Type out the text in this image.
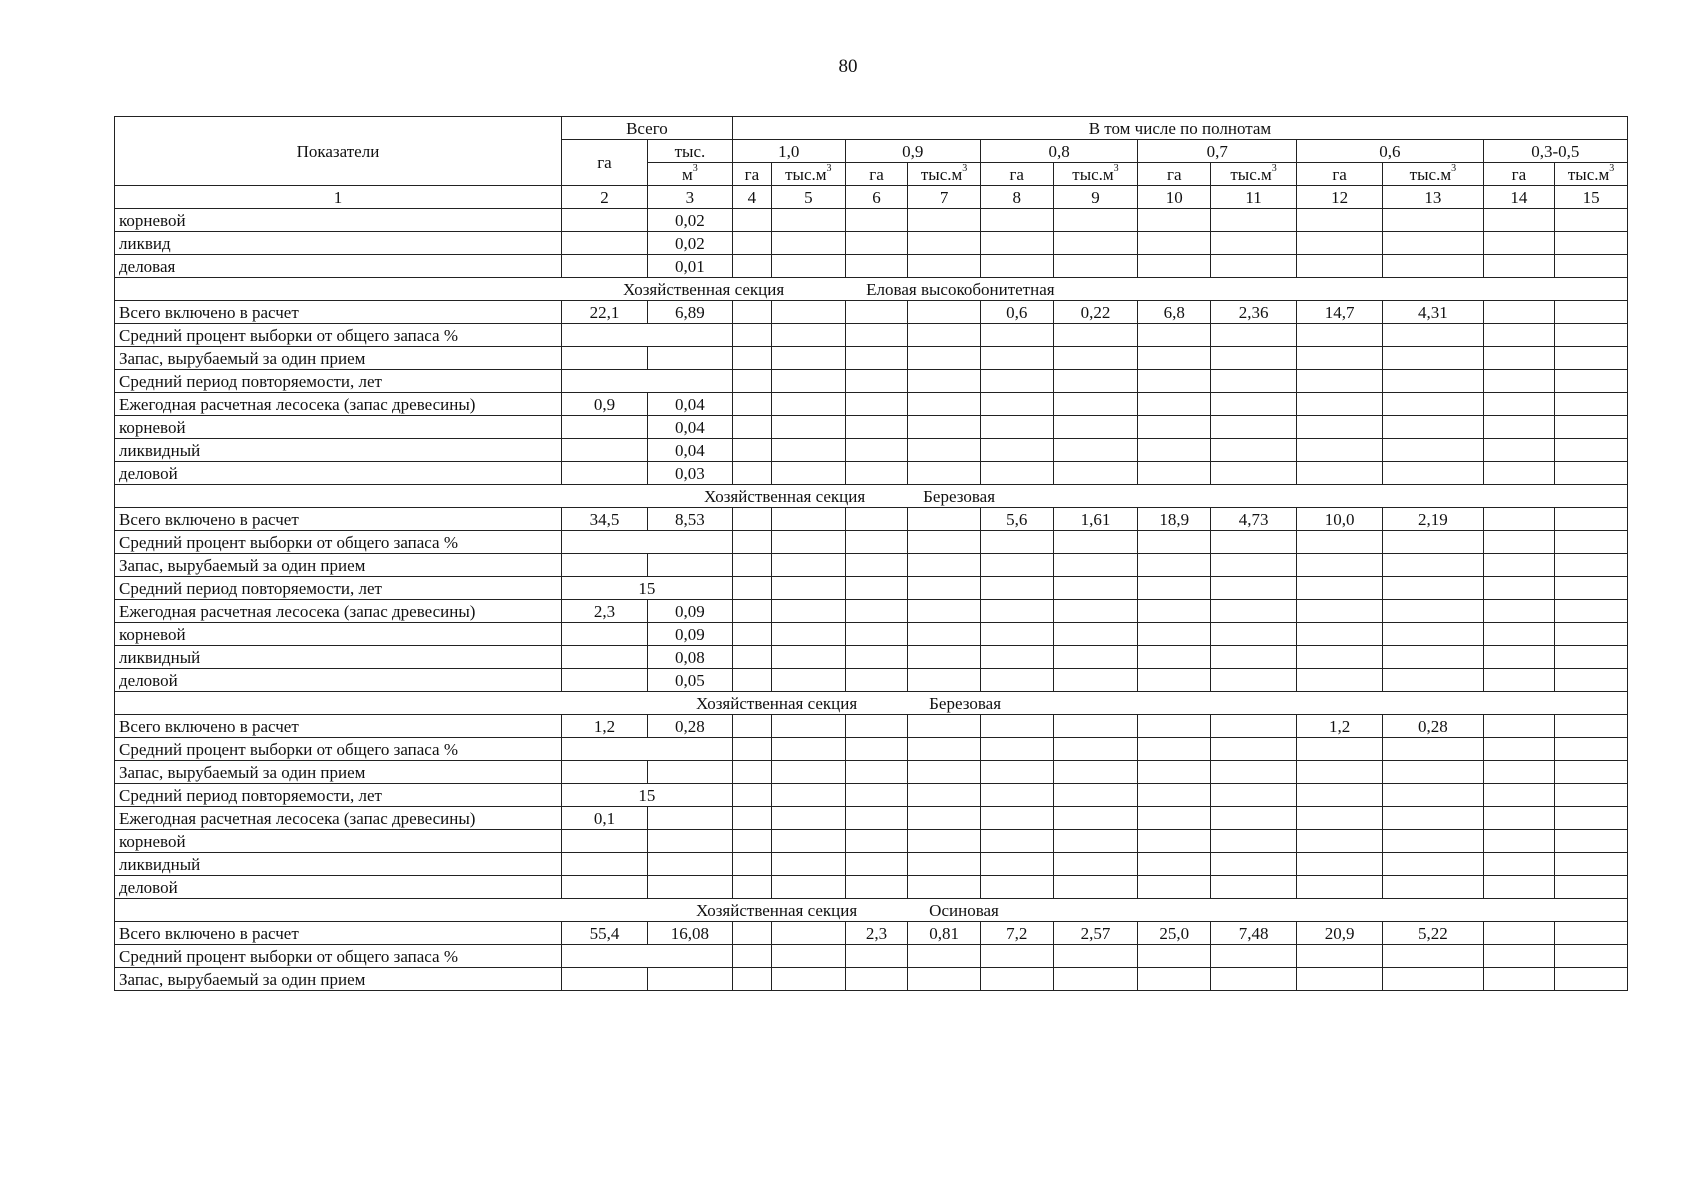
80
Показатели	Всего		В том числе по полнотам											
	га	тыс.	1,0		0,9		0,8		0,7		0,6		0,3-0,5	
		$м^3$	га	$тыс.м^3$	га	$тыс.м^3$	га	$тыс.м^3$	га	$тыс.м^3$	га	$тыс.м^3$	га	$тыс.м^3$
1	2	3	4	5	6	7	8	9	10	11	12	13	14	15
корневой		0,02												
ликвид		0,02												
деловая		0,01												
Хозяйственная секция Еловая высокобонитетная														
Всего включено в расчет	22,1	6,89					0,6	0,22	6,8	2,36	14,7	4,31		
Средний процент выборки от общего запаса %														
Запас, вырубаемый за один прием														
Средний период повторяемости, лет														
Ежегодная расчетная лесосека (запас древесины)	0,9	0,04												
корневой		0,04												
ликвидный		0,04												
деловой		0,03												
Хозяйственная секция Березовая														
Всего включено в расчет	34,5	8,53					5,6	1,61	18,9	4,73	10,0	2,19		
Средний процент выборки от общего запаса %														
Запас, вырубаемый за один прием														
Средний период повторяемости, лет	15													
Ежегодная расчетная лесосека (запас древесины)	2,3	0,09												
корневой		0,09												
ликвидный		0,08												
деловой		0,05												
Хозяйственная секция Березовая														
Всего включено в расчет	1,2	0,28									1,2	0,28		
Средний процент выборки от общего запаса %														
Запас, вырубаемый за один прием														
Средний период повторяемости, лет	15													
Ежегодная расчетная лесосека (запас древесины)	0,1													
корневой														
ликвидный														
деловой														
Хозяйственная секция Осиновая														
Всего включено в расчет	55,4	16,08			2,3	0,81	7,2	2,57	25,0	7,48	20,9	5,22		
Средний процент выборки от общего запаса %														
Запас, вырубаемый за один прием														
